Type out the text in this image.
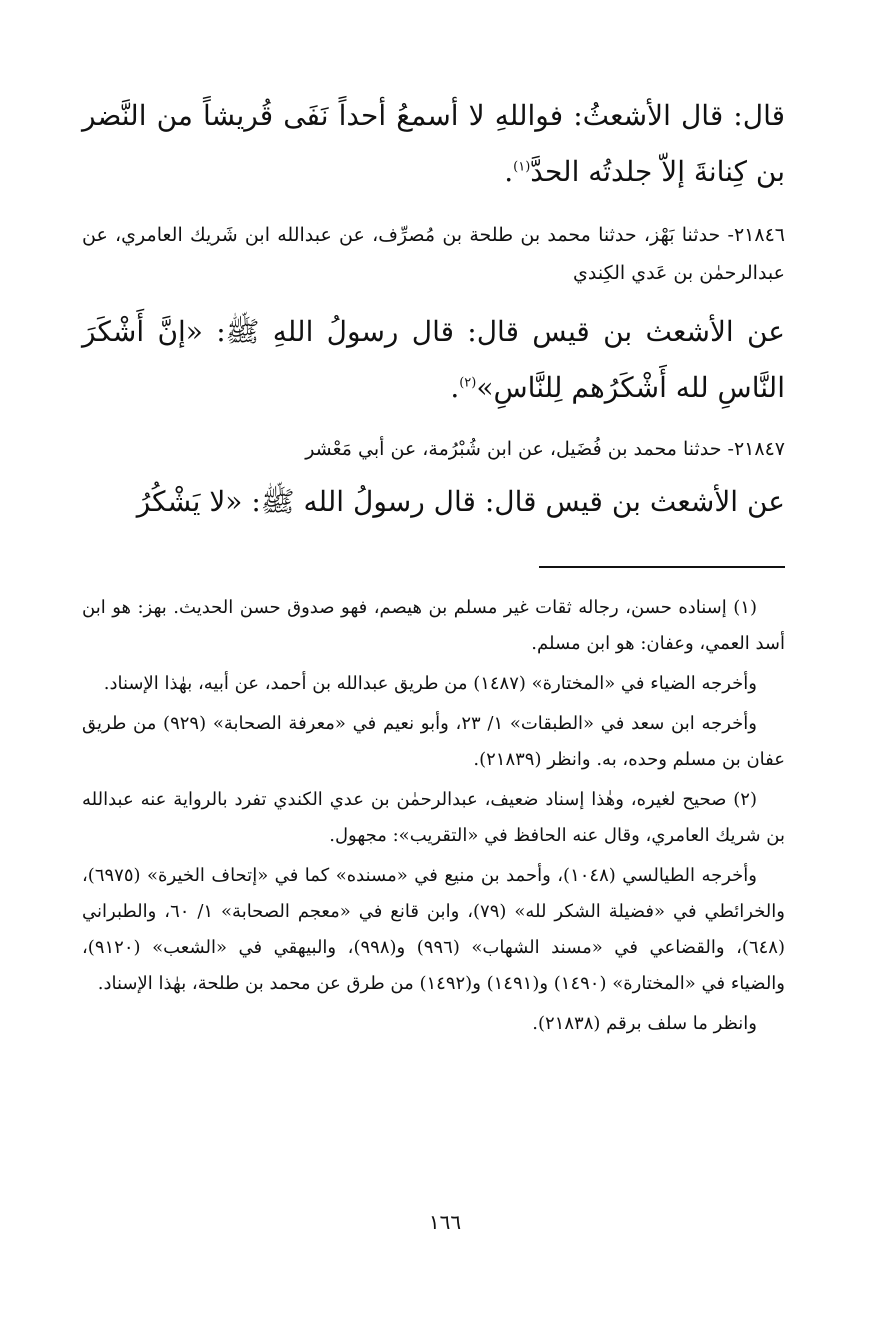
قال: قال الأشعثُ: فواللهِ لا أسمعُ أحداً نَفَى قُريشاً من النَّضر بن كِنانةَ إلاّ جلدتُه الحدَّ$^{(١)}$.

٢١٨٤٦- حدثنا بَهْز، حدثنا محمد بن طلحة بن مُصرِّف، عن عبدالله ابن شَريك العامري، عن عبدالرحمٰن بن عَدي الكِندي

عن الأشعث بن قيس قال: قال رسولُ اللهِ ﷺ: «إنَّ أَشْكَرَ النَّاسِ لله أَشْكَرُهم لِلنَّاسِ»$^{(٢)}$.

٢١٨٤٧- حدثنا محمد بن فُضَيل، عن ابن شُبْرُمة، عن أبي مَعْشر

عن الأشعث بن قيس قال: قال رسولُ الله ﷺ: «لا يَشْكُرُ

(١) إسناده حسن، رجاله ثقات غير مسلم بن هيصم، فهو صدوق حسن الحديث. بهز: هو ابن أسد العمي، وعفان: هو ابن مسلم.

وأخرجه الضياء في «المختارة» (١٤٨٧) من طريق عبدالله بن أحمد، عن أبيه، بهٰذا الإسناد.

وأخرجه ابن سعد في «الطبقات» ١/ ٢٣، وأبو نعيم في «معرفة الصحابة» (٩٢٩) من طريق عفان بن مسلم وحده، به. وانظر (٢١٨٣٩).

(٢) صحيح لغيره، وهٰذا إسناد ضعيف، عبدالرحمٰن بن عدي الكندي تفرد بالرواية عنه عبدالله بن شريك العامري، وقال عنه الحافظ في «التقريب»: مجهول.

وأخرجه الطيالسي (١٠٤٨)، وأحمد بن منيع في «مسنده» كما في «إتحاف الخيرة» (٦٩٧٥)، والخرائطي في «فضيلة الشكر لله» (٧٩)، وابن قانع في «معجم الصحابة» ١/ ٦٠، والطبراني (٦٤٨)، والقضاعي في «مسند الشهاب» (٩٩٦) و(٩٩٨)، والبيهقي في «الشعب» (٩١٢٠)، والضياء في «المختارة» (١٤٩٠) و(١٤٩١) و(١٤٩٢) من طرق عن محمد بن طلحة، بهٰذا الإسناد.

وانظر ما سلف برقم (٢١٨٣٨).

١٦٦
